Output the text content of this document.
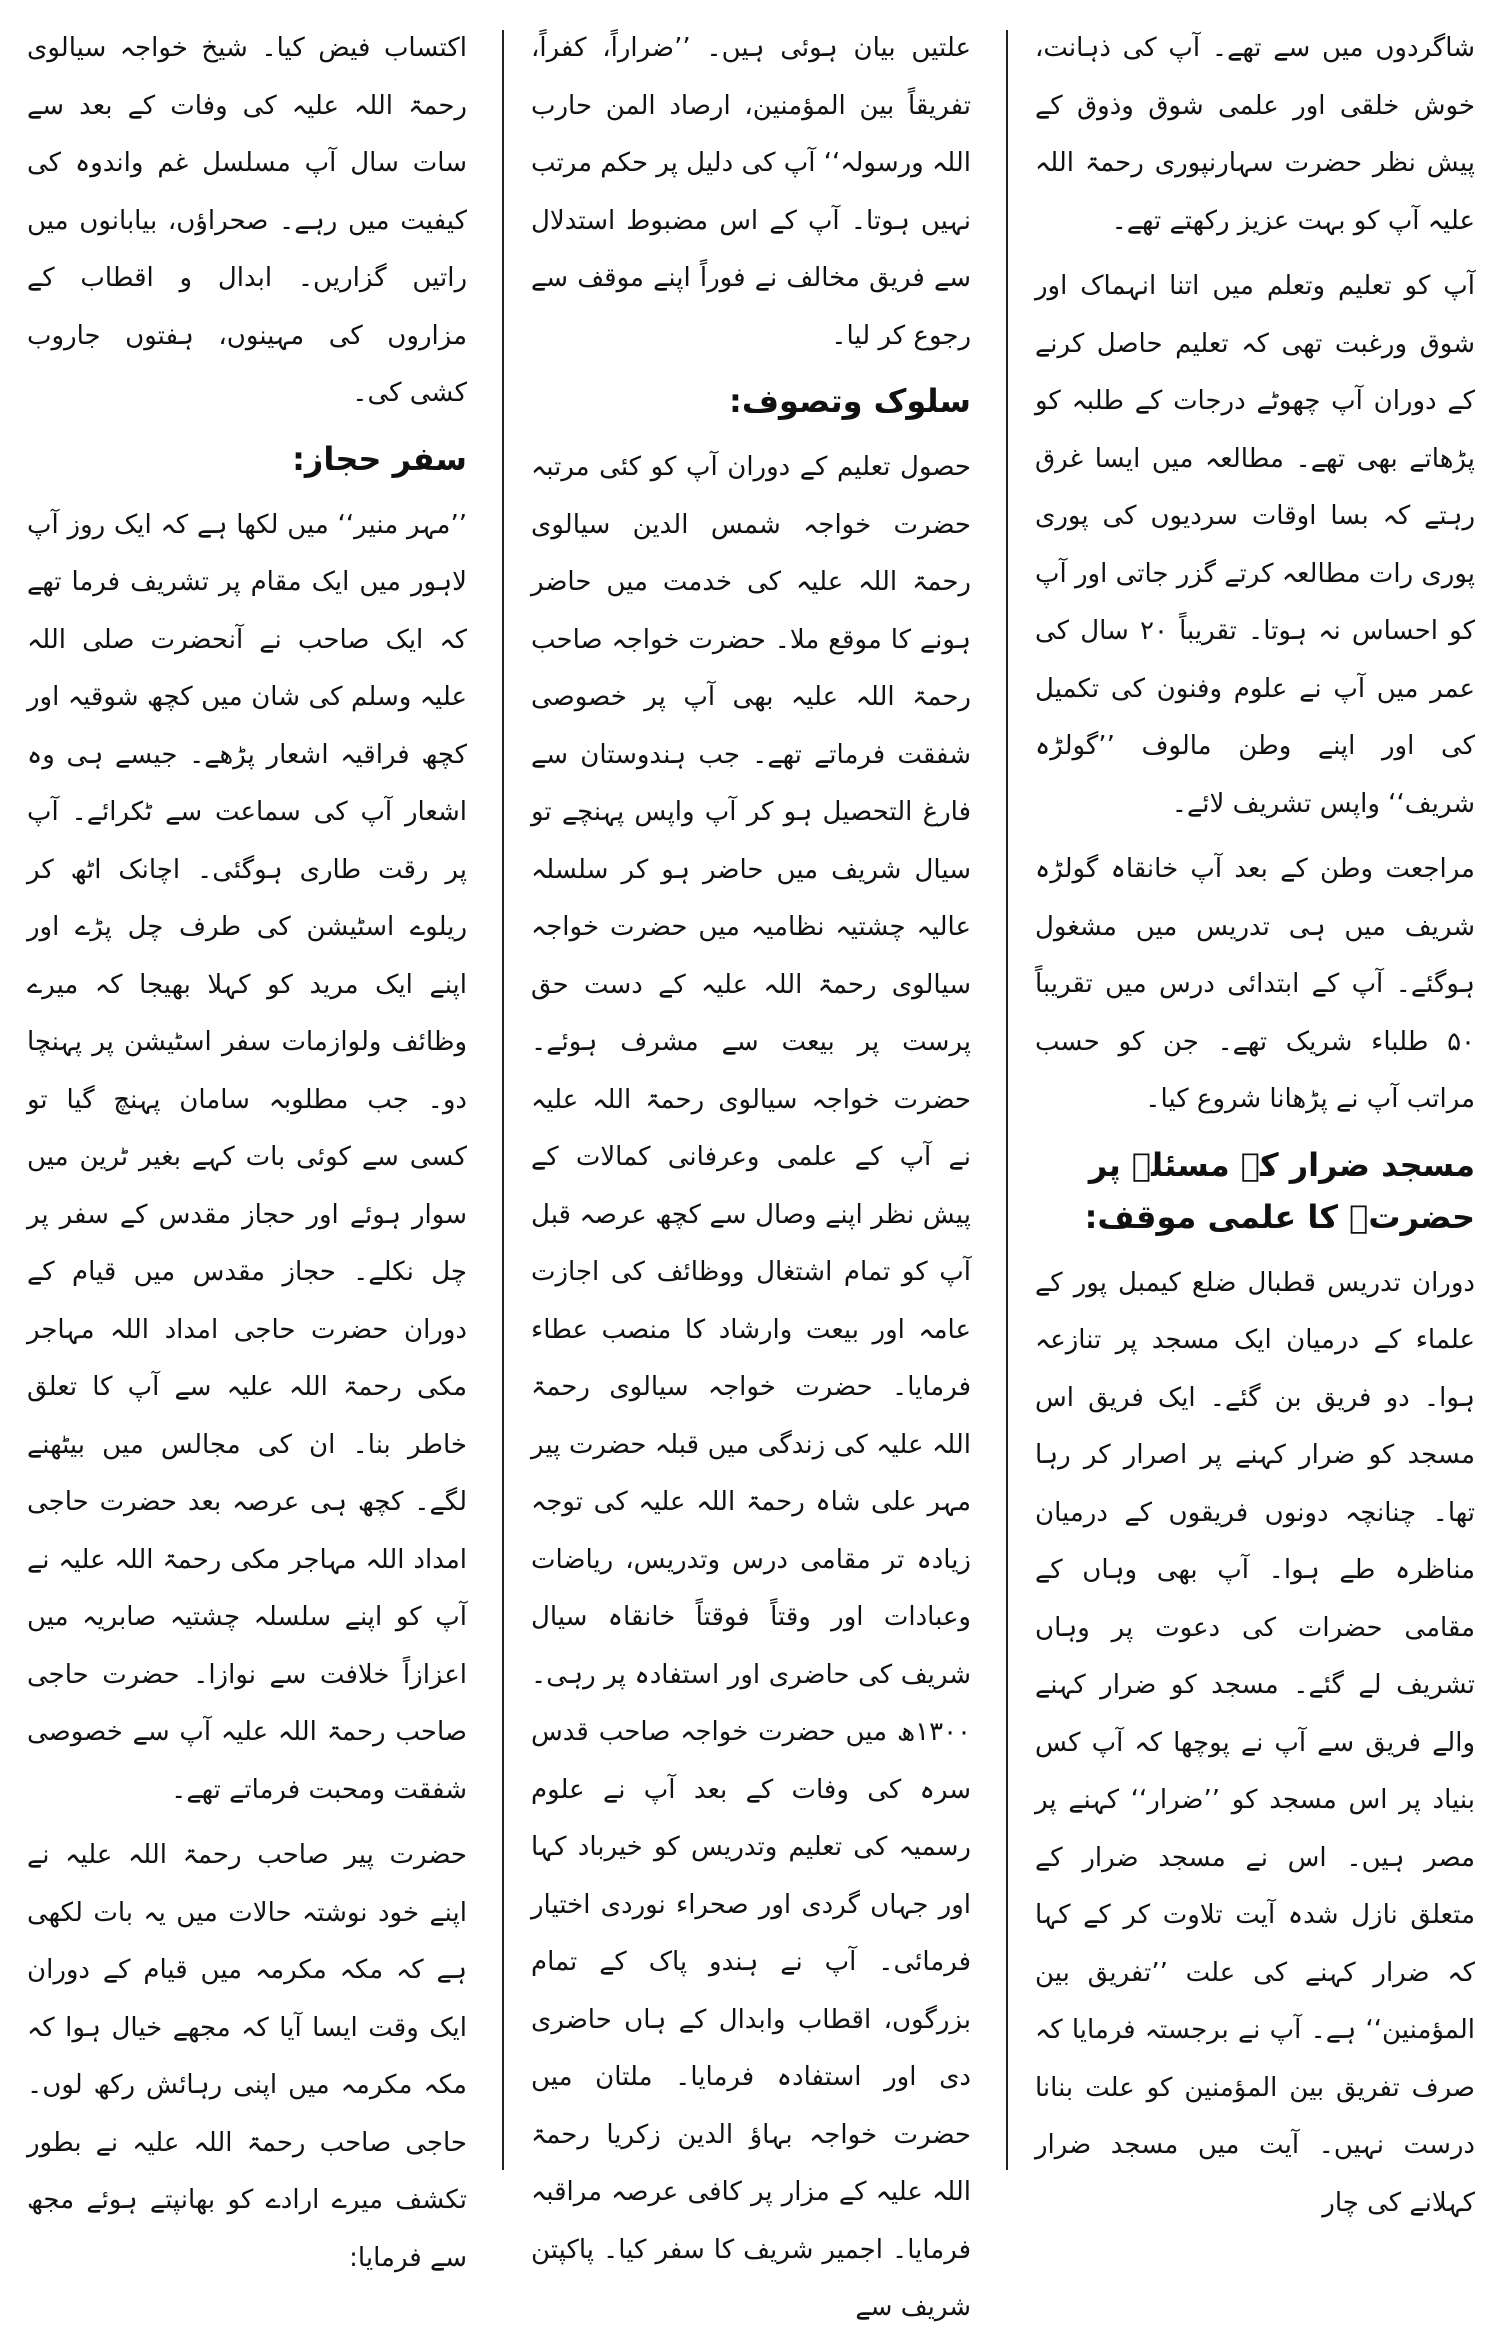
شاگردوں میں سے تھے۔ آپ کی ذہانت، خوش خلقی اور علمی شوق وذوق کے پیش نظر حضرت سہارنپوری رحمۃ اللہ علیہ آپ کو بہت عزیز رکھتے تھے۔

آپ کو تعلیم وتعلم میں اتنا انہماک اور شوق ورغبت تھی کہ تعلیم حاصل کرنے کے دوران آپ چھوٹے درجات کے طلبہ کو پڑھاتے بھی تھے۔ مطالعہ میں ایسا غرق رہتے کہ بسا اوقات سردیوں کی پوری پوری رات مطالعہ کرتے گزر جاتی اور آپ کو احساس نہ ہوتا۔ تقریباً ۲۰ سال کی عمر میں آپ نے علوم وفنون کی تکمیل کی اور اپنے وطن مالوف ’’گولڑہ شریف‘‘ واپس تشریف لائے۔

مراجعت وطن کے بعد آپ خانقاہ گولڑہ شریف میں ہی تدریس میں مشغول ہوگئے۔ آپ کے ابتدائی درس میں تقریباً ۵۰ طلباء شریک تھے۔ جن کو حسب مراتب آپ نے پڑھانا شروع کیا۔

مسجد ضرار کے مسئلہ پر حضرتؒ کا علمی موقف:

دوران تدریس قطبال ضلع کیمبل پور کے علماء کے درمیان ایک مسجد پر تنازعہ ہوا۔ دو فریق بن گئے۔ ایک فریق اس مسجد کو ضرار کہنے پر اصرار کر رہا تھا۔ چنانچہ دونوں فریقوں کے درمیان مناظرہ طے ہوا۔ آپ بھی وہاں کے مقامی حضرات کی دعوت پر وہاں تشریف لے گئے۔ مسجد کو ضرار کہنے والے فریق سے آپ نے پوچھا کہ آپ کس بنیاد پر اس مسجد کو ’’ضرار‘‘ کہنے پر مصر ہیں۔ اس نے مسجد ضرار کے متعلق نازل شدہ آیت تلاوت کر کے کہا کہ ضرار کہنے کی علت ’’تفریق بین المؤمنین‘‘ ہے۔ آپ نے برجستہ فرمایا کہ صرف تفریق بین المؤمنین کو علت بنانا درست نہیں۔ آیت میں مسجد ضرار کہلانے کی چار

علتیں بیان ہوئی ہیں۔ ’’ضراراً، کفراً، تفریقاً بین المؤمنین، ارصاد المن حارب اللہ ورسولہ‘‘ آپ کی دلیل پر حکم مرتب نہیں ہوتا۔ آپ کے اس مضبوط استدلال سے فریق مخالف نے فوراً اپنے موقف سے رجوع کر لیا۔

سلوک وتصوف:

حصول تعلیم کے دوران آپ کو کئی مرتبہ حضرت خواجہ شمس الدین سیالوی رحمۃ اللہ علیہ کی خدمت میں حاضر ہونے کا موقع ملا۔ حضرت خواجہ صاحب رحمۃ اللہ علیہ بھی آپ پر خصوصی شفقت فرماتے تھے۔ جب ہندوستان سے فارغ التحصیل ہو کر آپ واپس پہنچے تو سیال شریف میں حاضر ہو کر سلسلہ عالیہ چشتیہ نظامیہ میں حضرت خواجہ سیالوی رحمۃ اللہ علیہ کے دست حق پرست پر بیعت سے مشرف ہوئے۔ حضرت خواجہ سیالوی رحمۃ اللہ علیہ نے آپ کے علمی وعرفانی کمالات کے پیش نظر اپنے وصال سے کچھ عرصہ قبل آپ کو تمام اشتغال ووظائف کی اجازت عامہ اور بیعت وارشاد کا منصب عطاء فرمایا۔ حضرت خواجہ سیالوی رحمۃ اللہ علیہ کی زندگی میں قبلہ حضرت پیر مہر علی شاہ رحمۃ اللہ علیہ کی توجہ زیادہ تر مقامی درس وتدریس، ریاضات وعبادات اور وقتاً فوقتاً خانقاہ سیال شریف کی حاضری اور استفادہ پر رہی۔ ۱۳۰۰ھ میں حضرت خواجہ صاحب قدس سرہ کی وفات کے بعد آپ نے علوم رسمیہ کی تعلیم وتدریس کو خیرباد کہا اور جہاں گردی اور صحراء نوردی اختیار فرمائی۔ آپ نے ہندو پاک کے تمام بزرگوں، اقطاب وابدال کے ہاں حاضری دی اور استفادہ فرمایا۔ ملتان میں حضرت خواجہ بہاؤ الدین زکریا رحمۃ اللہ علیہ کے مزار پر کافی عرصہ مراقبہ فرمایا۔ اجمیر شریف کا سفر کیا۔ پاکپتن شریف سے

اکتساب فیض کیا۔ شیخ خواجہ سیالوی رحمۃ اللہ علیہ کی وفات کے بعد سے سات سال آپ مسلسل غم واندوہ کی کیفیت میں رہے۔ صحراؤں، بیابانوں میں راتیں گزاریں۔ ابدال و اقطاب کے مزاروں کی مہینوں، ہفتوں جاروب کشی کی۔

سفر حجاز:

’’مہر منیر‘‘ میں لکھا ہے کہ ایک روز آپ لاہور میں ایک مقام پر تشریف فرما تھے کہ ایک صاحب نے آنحضرت صلی اللہ علیہ وسلم کی شان میں کچھ شوقیہ اور کچھ فراقیہ اشعار پڑھے۔ جیسے ہی وہ اشعار آپ کی سماعت سے ٹکرائے۔ آپ پر رقت طاری ہوگئی۔ اچانک اٹھ کر ریلوے اسٹیشن کی طرف چل پڑے اور اپنے ایک مرید کو کہلا بھیجا کہ میرے وظائف ولوازمات سفر اسٹیشن پر پہنچا دو۔ جب مطلوبہ سامان پہنچ گیا تو کسی سے کوئی بات کہے بغیر ٹرین میں سوار ہوئے اور حجاز مقدس کے سفر پر چل نکلے۔ حجاز مقدس میں قیام کے دوران حضرت حاجی امداد اللہ مہاجر مکی رحمۃ اللہ علیہ سے آپ کا تعلق خاطر بنا۔ ان کی مجالس میں بیٹھنے لگے۔ کچھ ہی عرصہ بعد حضرت حاجی امداد اللہ مہاجر مکی رحمۃ اللہ علیہ نے آپ کو اپنے سلسلہ چشتیہ صابریہ میں اعزازاً خلافت سے نوازا۔ حضرت حاجی صاحب رحمۃ اللہ علیہ آپ سے خصوصی شفقت ومحبت فرماتے تھے۔

حضرت پیر صاحب رحمۃ اللہ علیہ نے اپنے خود نوشتہ حالات میں یہ بات لکھی ہے کہ مکہ مکرمہ میں قیام کے دوران ایک وقت ایسا آیا کہ مجھے خیال ہوا کہ مکہ مکرمہ میں اپنی رہائش رکھ لوں۔ حاجی صاحب رحمۃ اللہ علیہ نے بطور تکشف میرے ارادے کو بھانپتے ہوئے مجھ سے فرمایا:
